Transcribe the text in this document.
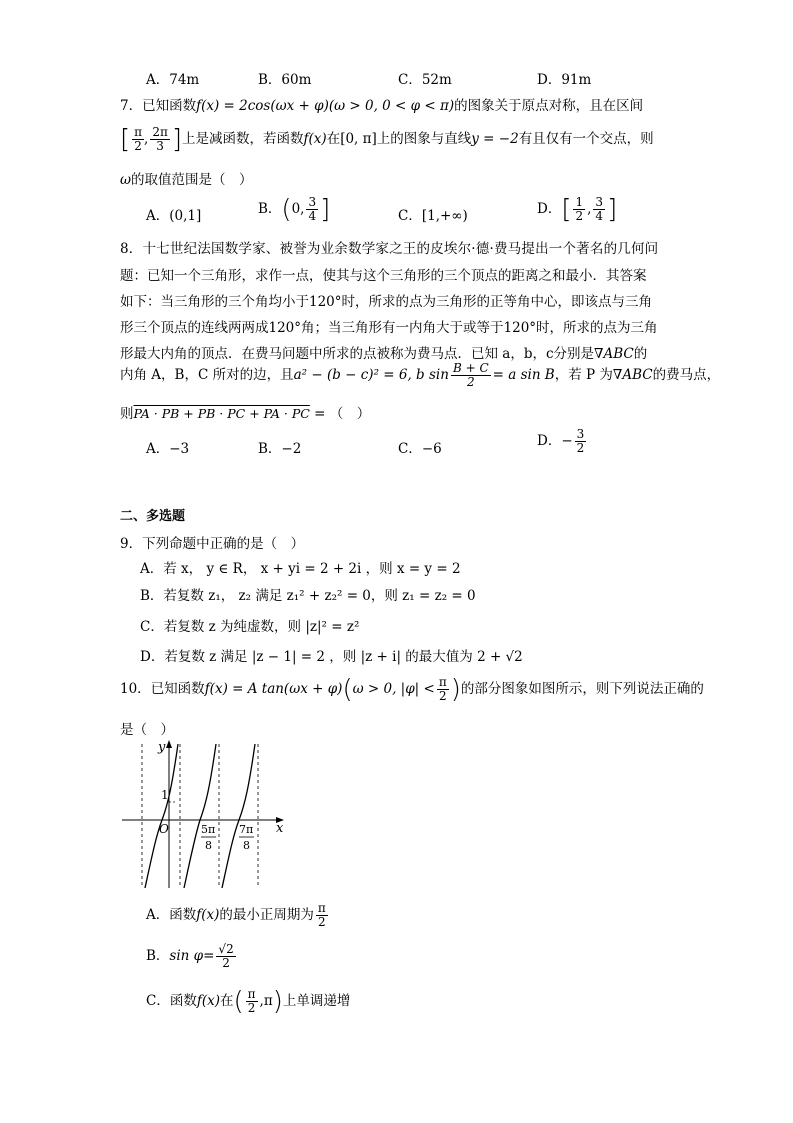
A．74m	B．60m	C．52m	D．91m
7．已知函数f(x) = 2cos(ωx + φ)(ω > 0, 0 < φ < π)的图象关于原点对称，且在区间
[ $\frac{\pi}{2}$ , $\frac{2\pi}{3}$ ]上是减函数，若函数f(x)在[0, π]上的图象与直线y = −2有且仅有一个交点，则
ω的取值范围是（　）
A．(0,1]	B．(0, $\frac{3}{4}$ ]	C．[1,+∞)	D．[ $\frac{1}{2}$ , $\frac{3}{4}$ ]
8．十七世纪法国数学家、被誉为业余数学家之王的皮埃尔·德·费马提出一个著名的几何问
题：已知一个三角形，求作一点，使其与这个三角形的三个顶点的距离之和最小．其答案
如下：当三角形的三个角均小于120°时，所求的点为三角形的正等角中心，即该点与三角
形三个顶点的连线两两成120°角；当三角形有一内角大于或等于120°时，所求的点为三角
形最大内角的顶点．在费马问题中所求的点被称为费马点．已知 a，b，c分别是∇ABC的
内角 A，B，C 所对的边，且a² − (b − c)² = 6, b $\sin \frac{B + C}{2} = a$ sin B，若 P 为∇ABC的费马点，
则PA · PB + PB · PC + PA · PC = （　）
A．−3	B．−2	C．−6	D．− $\frac{3}{2}$
二、多选题
9．下列命题中正确的是（　）
A．若 x， y ∈ R， x + yi = 2 + 2i ，则 x = y = 2
B．若复数 z₁， z₂ 满足 z₁² + z₂² = 0，则 z₁ = z₂ = 0
C．若复数 z 为纯虚数，则 |z|² = z²
D．若复数 z 满足 |z − 1| = 2 ，则 |z + i| 的最大值为 2 + √2
10．已知函数f(x) = A tan(ωx + φ)(ω > 0, $|\varphi| < \frac{\pi}{2}$ )的部分图象如图所示，则下列说法正确的
是（　）
y
x
O
1
5π
8
7π
8
A．函数f(x)的最小正周期为 $\frac{\pi}{2}$
B．$\sin \varphi= \frac{√2}{2}$
C．函数f(x)在( $\frac{\pi}{2} ,\pi$)上单调递增
